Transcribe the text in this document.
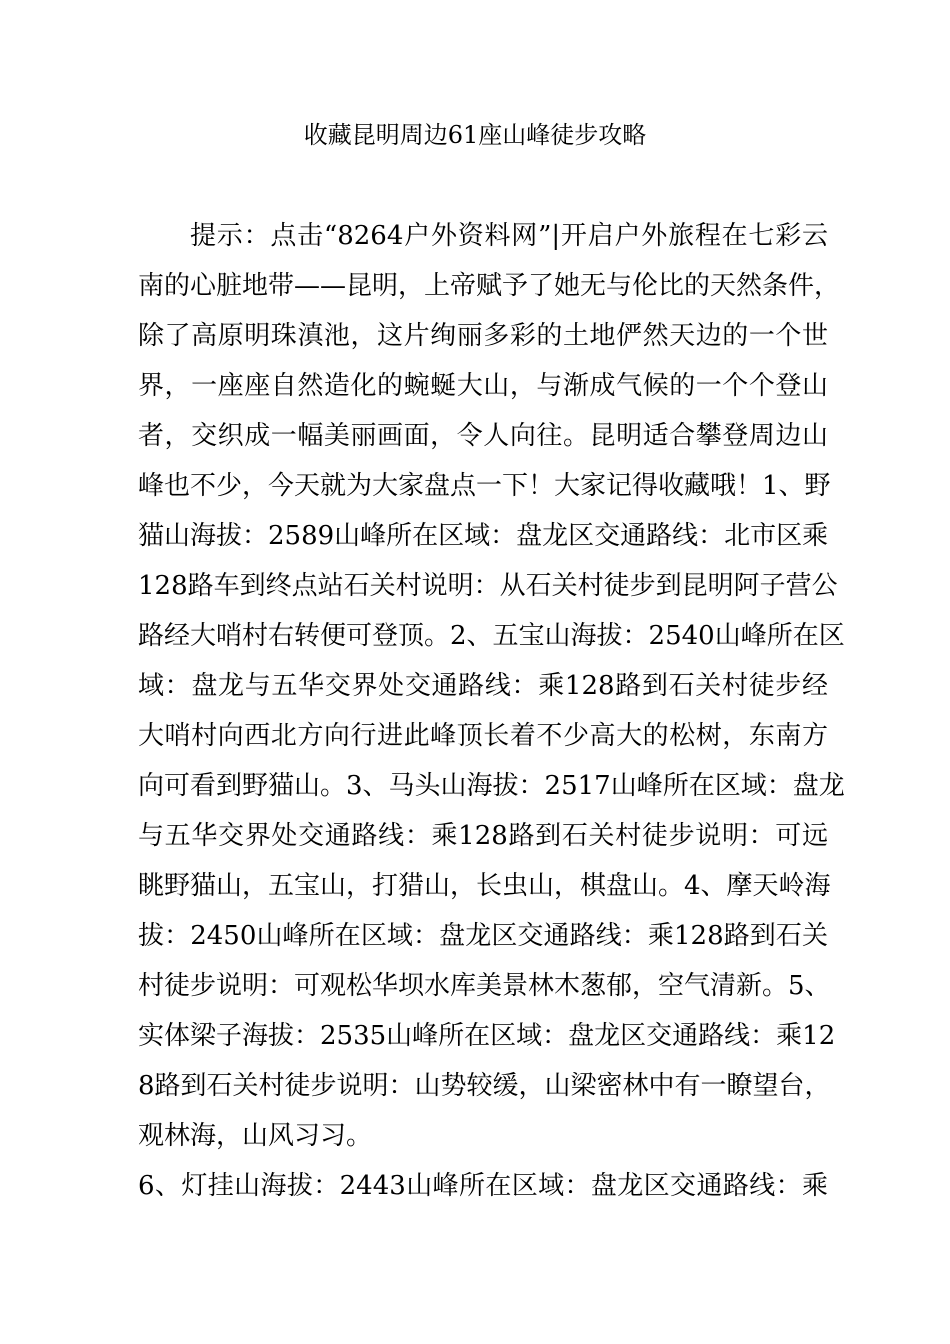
收藏昆明周边61座山峰徒步攻略

提示：点击“8264户外资料网”|开启户外旅程在七彩云

南的心脏地带——昆明，上帝赋予了她无与伦比的天然条件，

除了高原明珠滇池，这片绚丽多彩的土地俨然天边的一个世

界，一座座自然造化的蜿蜒大山，与渐成气候的一个个登山

者，交织成一幅美丽画面，令人向往。昆明适合攀登周边山

峰也不少，今天就为大家盘点一下！大家记得收藏哦！1、野

猫山海拔：2589山峰所在区域：盘龙区交通路线：北市区乘

128路车到终点站石关村说明：从石关村徒步到昆明阿子营公

路经大哨村右转便可登顶。2、五宝山海拔：2540山峰所在区

域：盘龙与五华交界处交通路线：乘128路到石关村徒步经

大哨村向西北方向行进此峰顶长着不少高大的松树，东南方

向可看到野猫山。3、马头山海拔：2517山峰所在区域：盘龙

与五华交界处交通路线：乘128路到石关村徒步说明：可远

眺野猫山，五宝山，打猎山，长虫山，棋盘山。4、摩天岭海

拔：2450山峰所在区域：盘龙区交通路线：乘128路到石关

村徒步说明：可观松华坝水库美景林木葱郁，空气清新。5、

实体梁子海拔：2535山峰所在区域：盘龙区交通路线：乘12

8路到石关村徒步说明：山势较缓，山梁密林中有一瞭望台，

观林海，山风习习。

6、灯挂山海拔：2443山峰所在区域：盘龙区交通路线：乘
